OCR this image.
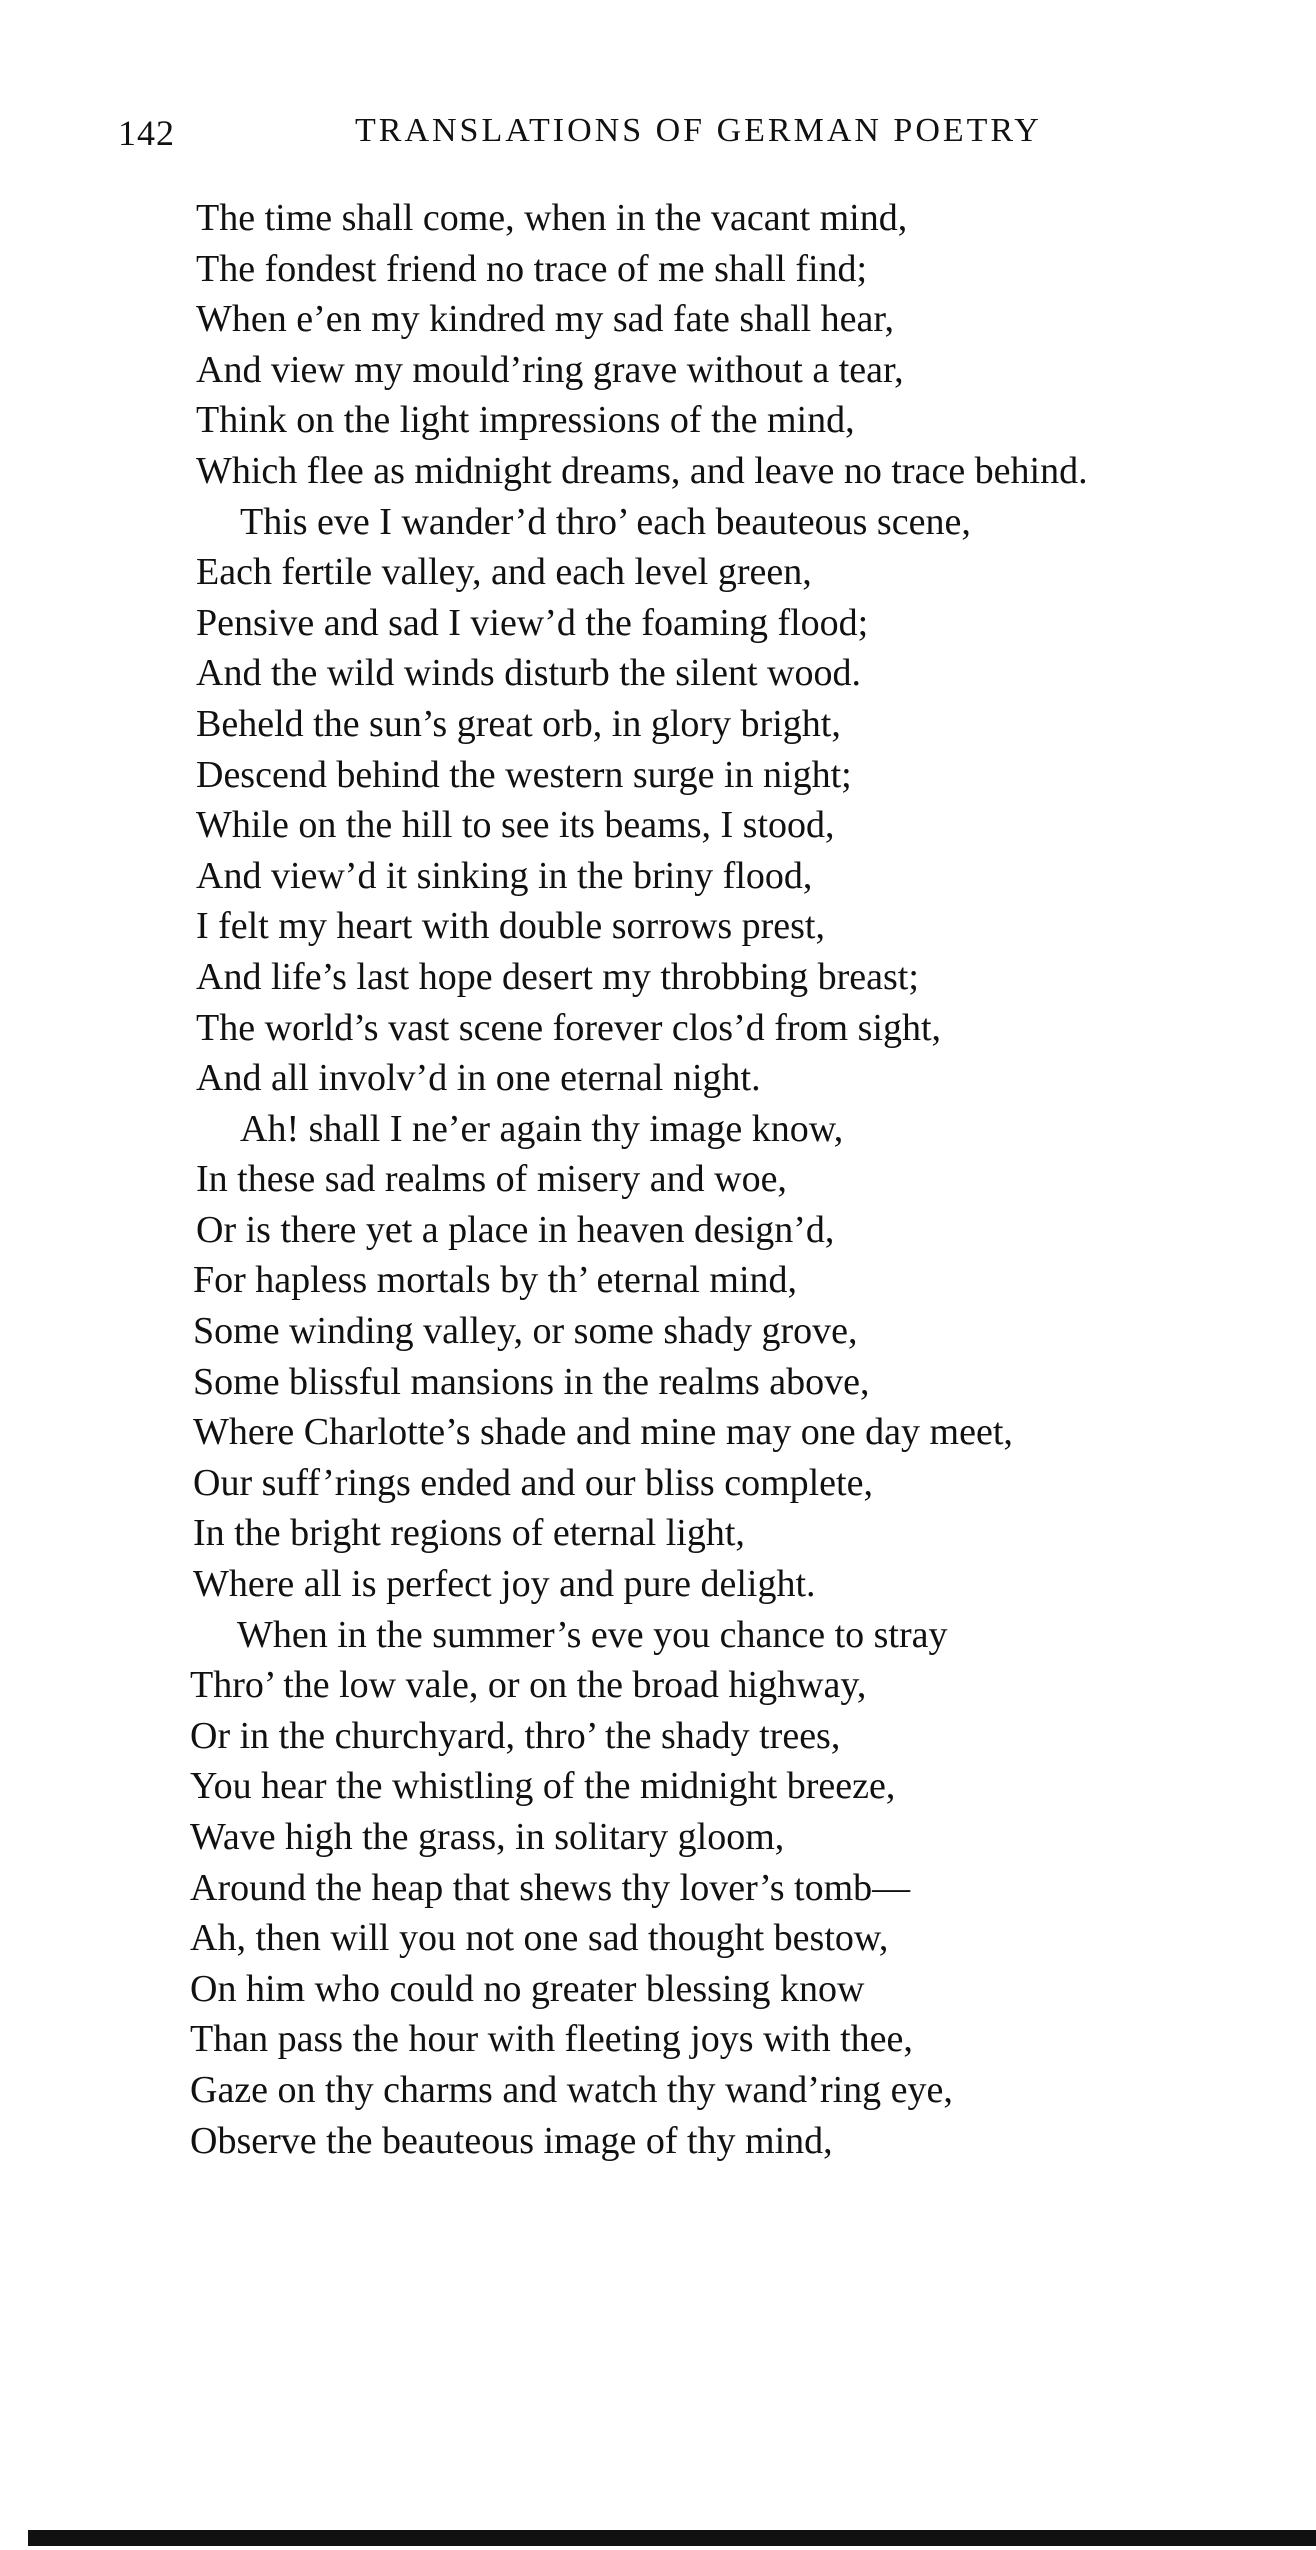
142	TRANSLATIONS OF GERMAN POETRY
The time shall come, when in the vacant mind,
The fondest friend no trace of me shall find;
When e’en my kindred my sad fate shall hear,
And view my mould’ring grave without a tear,
Think on the light impressions of the mind,
Which flee as midnight dreams, and leave no trace behind.
This eve I wander’d thro’ each beauteous scene,
Each fertile valley, and each level green,
Pensive and sad I view’d the foaming flood;
And the wild winds disturb the silent wood.
Beheld the sun’s great orb, in glory bright,
Descend behind the western surge in night;
While on the hill to see its beams, I stood,
And view’d it sinking in the briny flood,
I felt my heart with double sorrows prest,
And life’s last hope desert my throbbing breast;
The world’s vast scene forever clos’d from sight,
And all involv’d in one eternal night.
Ah! shall I ne’er again thy image know,
In these sad realms of misery and woe,
Or is there yet a place in heaven design’d,
For hapless mortals by th’ eternal mind,
Some winding valley, or some shady grove,
Some blissful mansions in the realms above,
Where Charlotte’s shade and mine may one day meet,
Our suff’rings ended and our bliss complete,
In the bright regions of eternal light,
Where all is perfect joy and pure delight.
When in the summer’s eve you chance to stray
Thro’ the low vale, or on the broad highway,
Or in the churchyard, thro’ the shady trees,
You hear the whistling of the midnight breeze,
Wave high the grass, in solitary gloom,
Around the heap that shews thy lover’s tomb—
Ah, then will you not one sad thought bestow,
On him who could no greater blessing know
Than pass the hour with fleeting joys with thee,
Gaze on thy charms and watch thy wand’ring eye,
Observe the beauteous image of thy mind,
